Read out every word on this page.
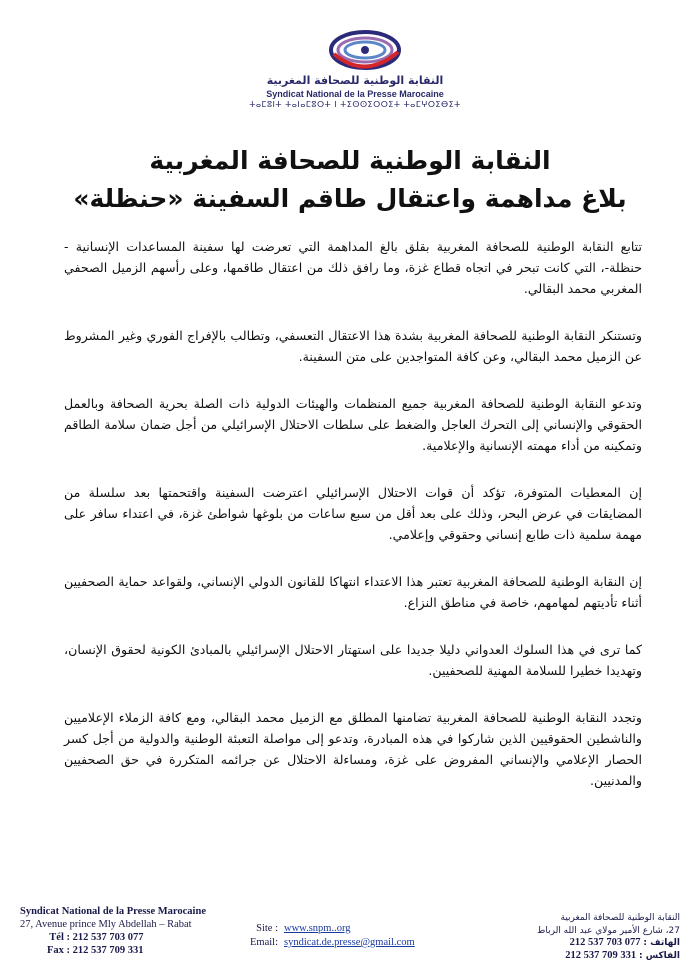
النقابة الوطنية للصحافة المغربية
Syndicat National de la Presse Marocaine
ⵜⴰⵎⵓⵏⵜ ⵜⴰⵏⴰⵎⵓⵔⵜ ⵏ ⵜⵉⵙⵙⵉⵔⵔⵉⵜ ⵜⴰⵎⵖⵔⵉⴱⵉⵜ
النقابة الوطنية للصحافة المغربية
بلاغ مداهمة واعتقال طاقم السفينة «حنظلة»

تتابع النقابة الوطنية للصحافة المغربية بقلق بالغ المداهمة التي تعرضت لها سفينة المساعدات الإنسانية - حنظلة-، التي كانت تبحر في اتجاه قطاع غزة، وما رافق ذلك من اعتقال طاقمها، وعلى رأسهم الزميل الصحفي المغربي محمد البقالي.

وتستنكر النقابة الوطنية للصحافة المغربية بشدة هذا الاعتقال التعسفي، وتطالب بالإفراج الفوري وغير المشروط عن الزميل محمد البقالي، وعن كافة المتواجدين على متن السفينة.

وتدعو النقابة الوطنية للصحافة المغربية جميع المنظمات والهيئات الدولية ذات الصلة بحرية الصحافة وبالعمل الحقوقي والإنساني إلى التحرك العاجل والضغط على سلطات الاحتلال الإسرائيلي من أجل ضمان سلامة الطاقم وتمكينه من أداء مهمته الإنسانية والإعلامية.

إن المعطيات المتوفرة، تؤكد أن قوات الاحتلال الإسرائيلي اعترضت السفينة واقتحمتها بعد سلسلة من المضايقات في عرض البحر، وذلك على بعد أقل من سبع ساعات من بلوغها شواطئ غزة، في اعتداء سافر على مهمة سلمية ذات طابع إنساني وحقوقي وإعلامي.

إن النقابة الوطنية للصحافة المغربية تعتبر هذا الاعتداء انتهاكا للقانون الدولي الإنساني، ولقواعد حماية الصحفيين أثناء تأديتهم لمهامهم، خاصة في مناطق النزاع.

كما ترى في هذا السلوك العدواني دليلا جديدا على استهتار الاحتلال الإسرائيلي بالمبادئ الكونية لحقوق الإنسان، وتهديدا خطيرا للسلامة المهنية للصحفيين.

وتجدد النقابة الوطنية للصحافة المغربية تضامنها المطلق مع الزميل محمد البقالي، ومع كافة الزملاء الإعلاميين والناشطين الحقوقيين الذين شاركوا في هذه المبادرة، وتدعو إلى مواصلة التعبئة الوطنية والدولية من أجل كسر الحصار الإعلامي والإنساني المفروض على غزة، ومساءلة الاحتلال عن جرائمه المتكررة في حق الصحفيين والمدنيين.

Syndicat National de la Presse Marocaine
27, Avenue prince Mly Abdellah – Rabat
Tél : 212 537 703 077
Fax : 212 537 709 331
Site : www.snpm..org
Email: syndicat.de.presse@gmail.com
النقابة الوطنية للصحافة المغربية
27، شارع الأمير مولاي عبد الله الرباط
الهاتف : 212 537 703 077
الفاكس : 212 537 709 331
